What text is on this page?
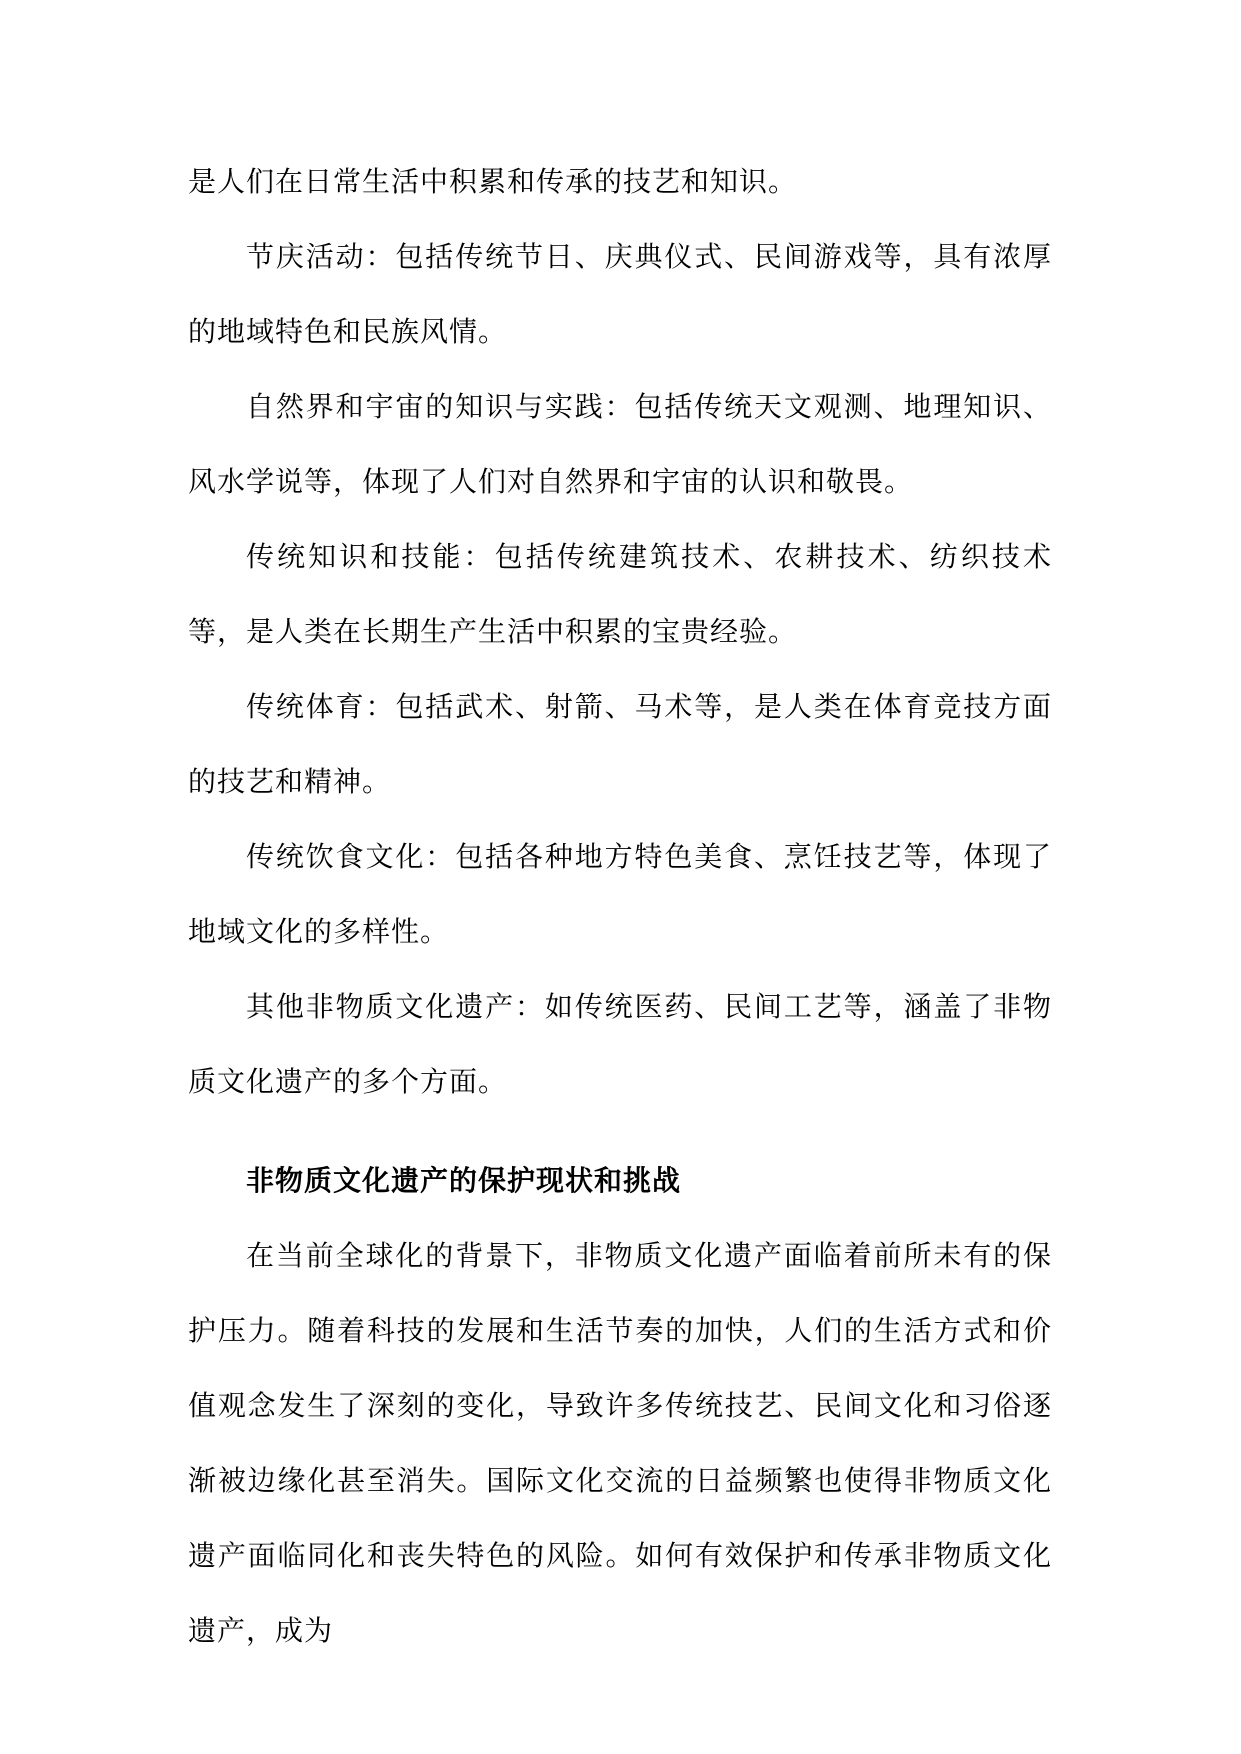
是人们在日常生活中积累和传承的技艺和知识。

节庆活动：包括传统节日、庆典仪式、民间游戏等，具有浓厚的地域特色和民族风情。

自然界和宇宙的知识与实践：包括传统天文观测、地理知识、风水学说等，体现了人们对自然界和宇宙的认识和敬畏。

传统知识和技能：包括传统建筑技术、农耕技术、纺织技术等，是人类在长期生产生活中积累的宝贵经验。

传统体育：包括武术、射箭、马术等，是人类在体育竞技方面的技艺和精神。

传统饮食文化：包括各种地方特色美食、烹饪技艺等，体现了地域文化的多样性。

其他非物质文化遗产：如传统医药、民间工艺等，涵盖了非物质文化遗产的多个方面。

非物质文化遗产的保护现状和挑战

在当前全球化的背景下，非物质文化遗产面临着前所未有的保护压力。随着科技的发展和生活节奏的加快，人们的生活方式和价值观念发生了深刻的变化，导致许多传统技艺、民间文化和习俗逐渐被边缘化甚至消失。国际文化交流的日益频繁也使得非物质文化遗产面临同化和丧失特色的风险。如何有效保护和传承非物质文化遗产，成为
